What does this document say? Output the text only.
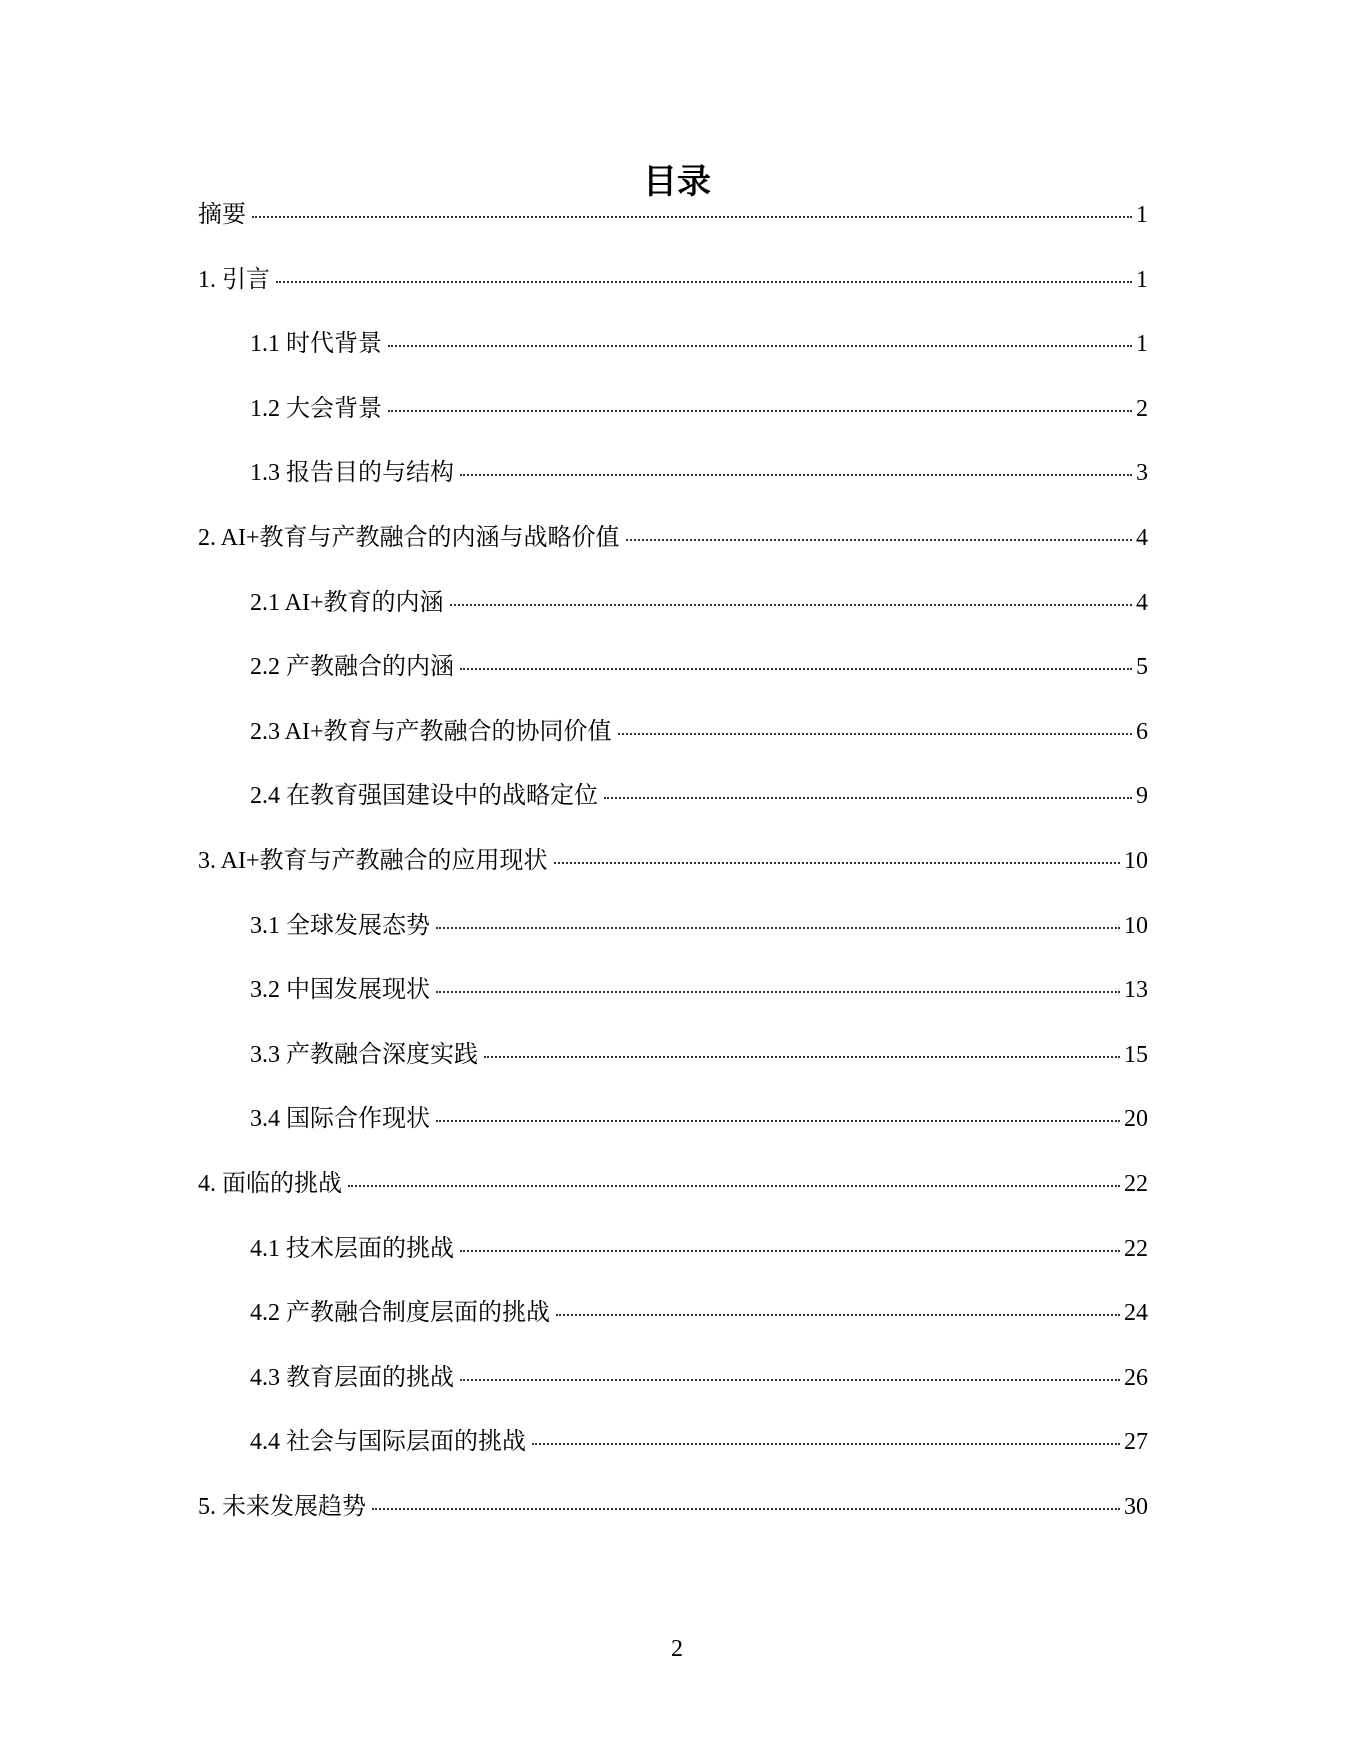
目录
摘要	1
1. 引言	1
1.1 时代背景	1
1.2 大会背景	2
1.3 报告目的与结构	3
2. AI+教育与产教融合的内涵与战略价值	4
2.1 AI+教育的内涵	4
2.2 产教融合的内涵	5
2.3 AI+教育与产教融合的协同价值	6
2.4 在教育强国建设中的战略定位	9
3. AI+教育与产教融合的应用现状	10
3.1 全球发展态势	10
3.2 中国发展现状	13
3.3 产教融合深度实践	15
3.4 国际合作现状	20
4. 面临的挑战	22
4.1 技术层面的挑战	22
4.2 产教融合制度层面的挑战	24
4.3 教育层面的挑战	26
4.4 社会与国际层面的挑战	27
5. 未来发展趋势	30
2
